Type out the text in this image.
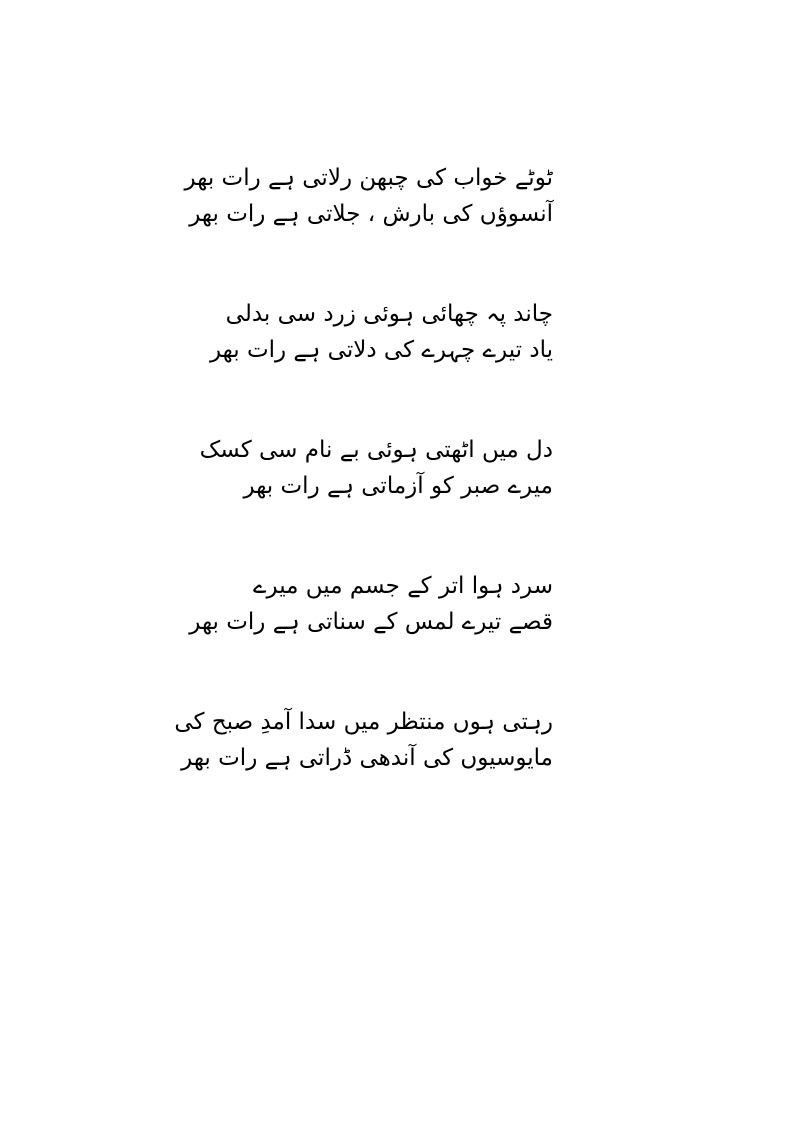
ٹوٹے خواب کی چبھن رلاتی ہے رات بھر
آنسوؤں کی بارش ، جلاتی ہے رات بھر
چاند پہ چھائی ہوئی زرد سی بدلی
یاد تیرے چہرے کی دلاتی ہے رات بھر
دل میں اٹھتی ہوئی بے نام سی کسک
میرے صبر کو آزماتی ہے رات بھر
سرد ہوا اتر کے جسم میں میرے
قصے تیرے لمس کے سناتی ہے رات بھر
رہتی ہوں منتظر میں سدا آمدِ صبح کی
مایوسیوں کی آندھی ڈراتی ہے رات بھر
